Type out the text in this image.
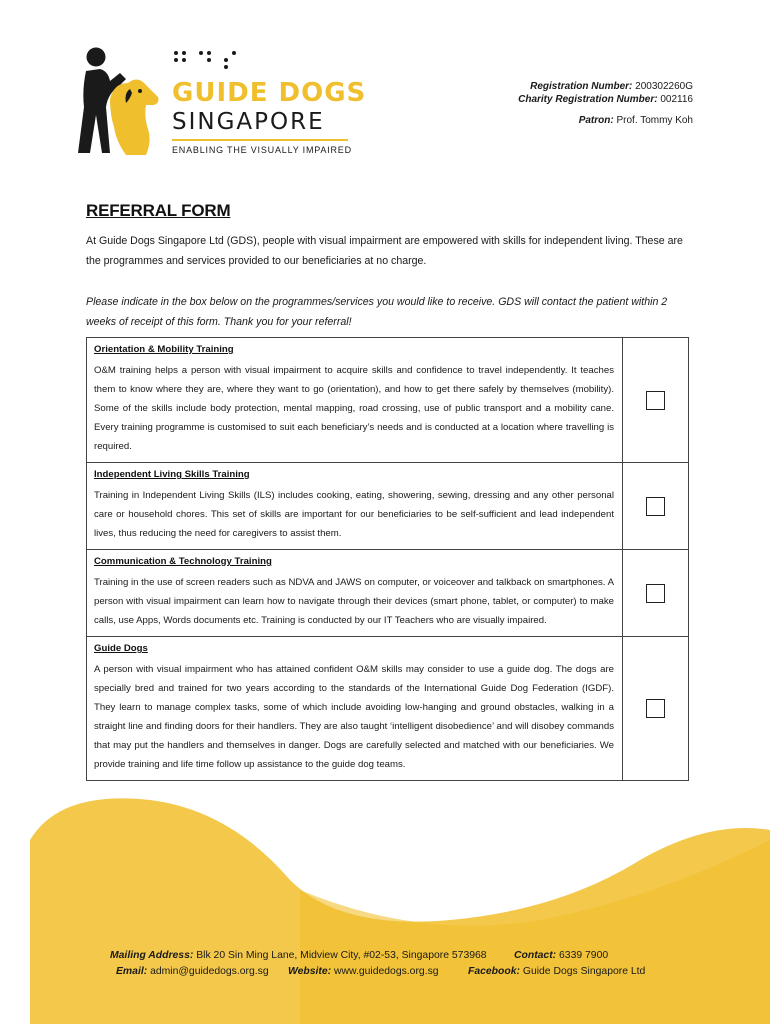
GUIDE DOGS
SINGAPORE
ENABLING THE VISUALLY IMPAIRED
Registration Number: 200302260G
Charity Registration Number: 002116
Patron: Prof. Tommy Koh
REFERRAL FORM
At Guide Dogs Singapore Ltd (GDS), people with visual impairment are empowered with skills for independent living. These are the programmes and services provided to our beneficiaries at no charge.
Please indicate in the box below on the programmes/services you would like to receive. GDS will contact the patient within 2 weeks of receipt of this form. Thank you for your referral!
Orientation & Mobility Training
O&M training helps a person with visual impairment to acquire skills and confidence to travel independently. It teaches them to know where they are, where they want to go (orientation), and how to get there safely by themselves (mobility). Some of the skills include body protection, mental mapping, road crossing, use of public transport and a mobility cane. Every training programme is customised to suit each beneficiary’s needs and is conducted at a location where travelling is required.
Independent Living Skills Training
Training in Independent Living Skills (ILS) includes cooking, eating, showering, sewing, dressing and any other personal care or household chores. This set of skills are important for our beneficiaries to be self-sufficient and lead independent lives, thus reducing the need for caregivers to assist them.
Communication & Technology Training
Training in the use of screen readers such as NDVA and JAWS on computer, or voiceover and talkback on smartphones. A person with visual impairment can learn how to navigate through their devices (smart phone, tablet, or computer) to make calls, use Apps, Words documents etc. Training is conducted by our IT Teachers who are visually impaired.
Guide Dogs
A person with visual impairment who has attained confident O&M skills may consider to use a guide dog. The dogs are specially bred and trained for two years according to the standards of the International Guide Dog Federation (IGDF). They learn to manage complex tasks, some of which include avoiding low-hanging and ground obstacles, walking in a straight line and finding doors for their handlers. They are also taught ‘intelligent disobedience’ and will disobey commands that may put the handlers and themselves in danger. Dogs are carefully selected and matched with our beneficiaries. We provide training and life time follow up assistance to the guide dog teams.
Mailing Address: Blk 20 Sin Ming Lane, Midview City, #02-53, Singapore 573968	Contact: 6339 7900
Email: admin@guidedogs.org.sg Website: www.guidedogs.org.sg	Facebook: Guide Dogs Singapore Ltd
